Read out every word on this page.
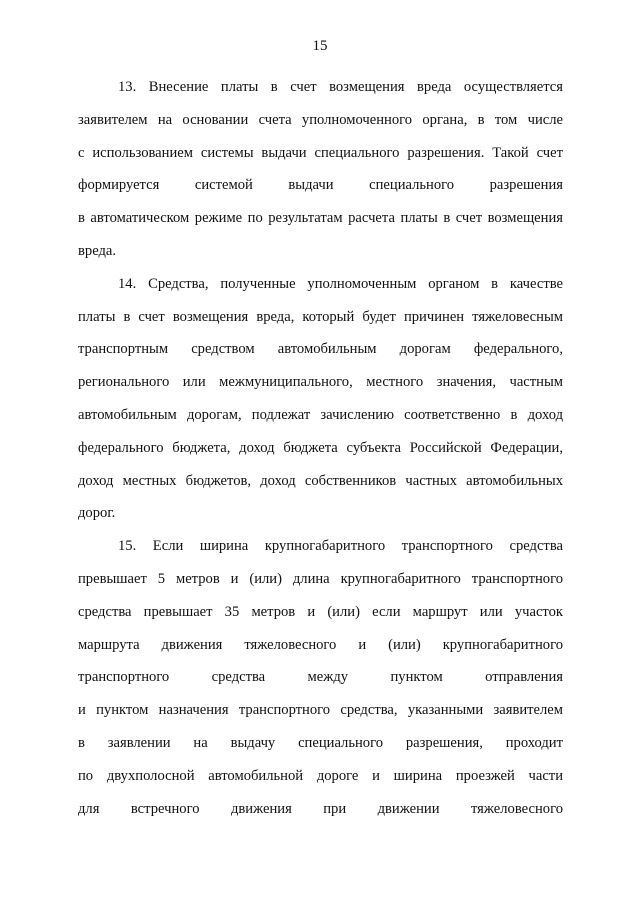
15
13. Внесение платы в счет возмещения вреда осуществляется
заявителем на основании счета уполномоченного органа, в том числе
с использованием системы выдачи специального разрешения. Такой счет
формируется системой выдачи специального разрешения
в автоматическом режиме по результатам расчета платы в счет возмещения
вреда.
14. Средства, полученные уполномоченным органом в качестве
платы в счет возмещения вреда, который будет причинен тяжеловесным
транспортным средством автомобильным дорогам федерального,
регионального или межмуниципального, местного значения, частным
автомобильным дорогам, подлежат зачислению соответственно в доход
федерального бюджета, доход бюджета субъекта Российской Федерации,
доход местных бюджетов, доход собственников частных автомобильных
дорог.
15. Если ширина крупногабаритного транспортного средства
превышает 5 метров и (или) длина крупногабаритного транспортного
средства превышает 35 метров и (или) если маршрут или участок
маршрута движения тяжеловесного и (или) крупногабаритного
транспортного средства между пунктом отправления
и пунктом назначения транспортного средства, указанными заявителем
в заявлении на выдачу специального разрешения, проходит
по двухполосной автомобильной дороге и ширина проезжей части
для встречного движения при движении тяжеловесного
